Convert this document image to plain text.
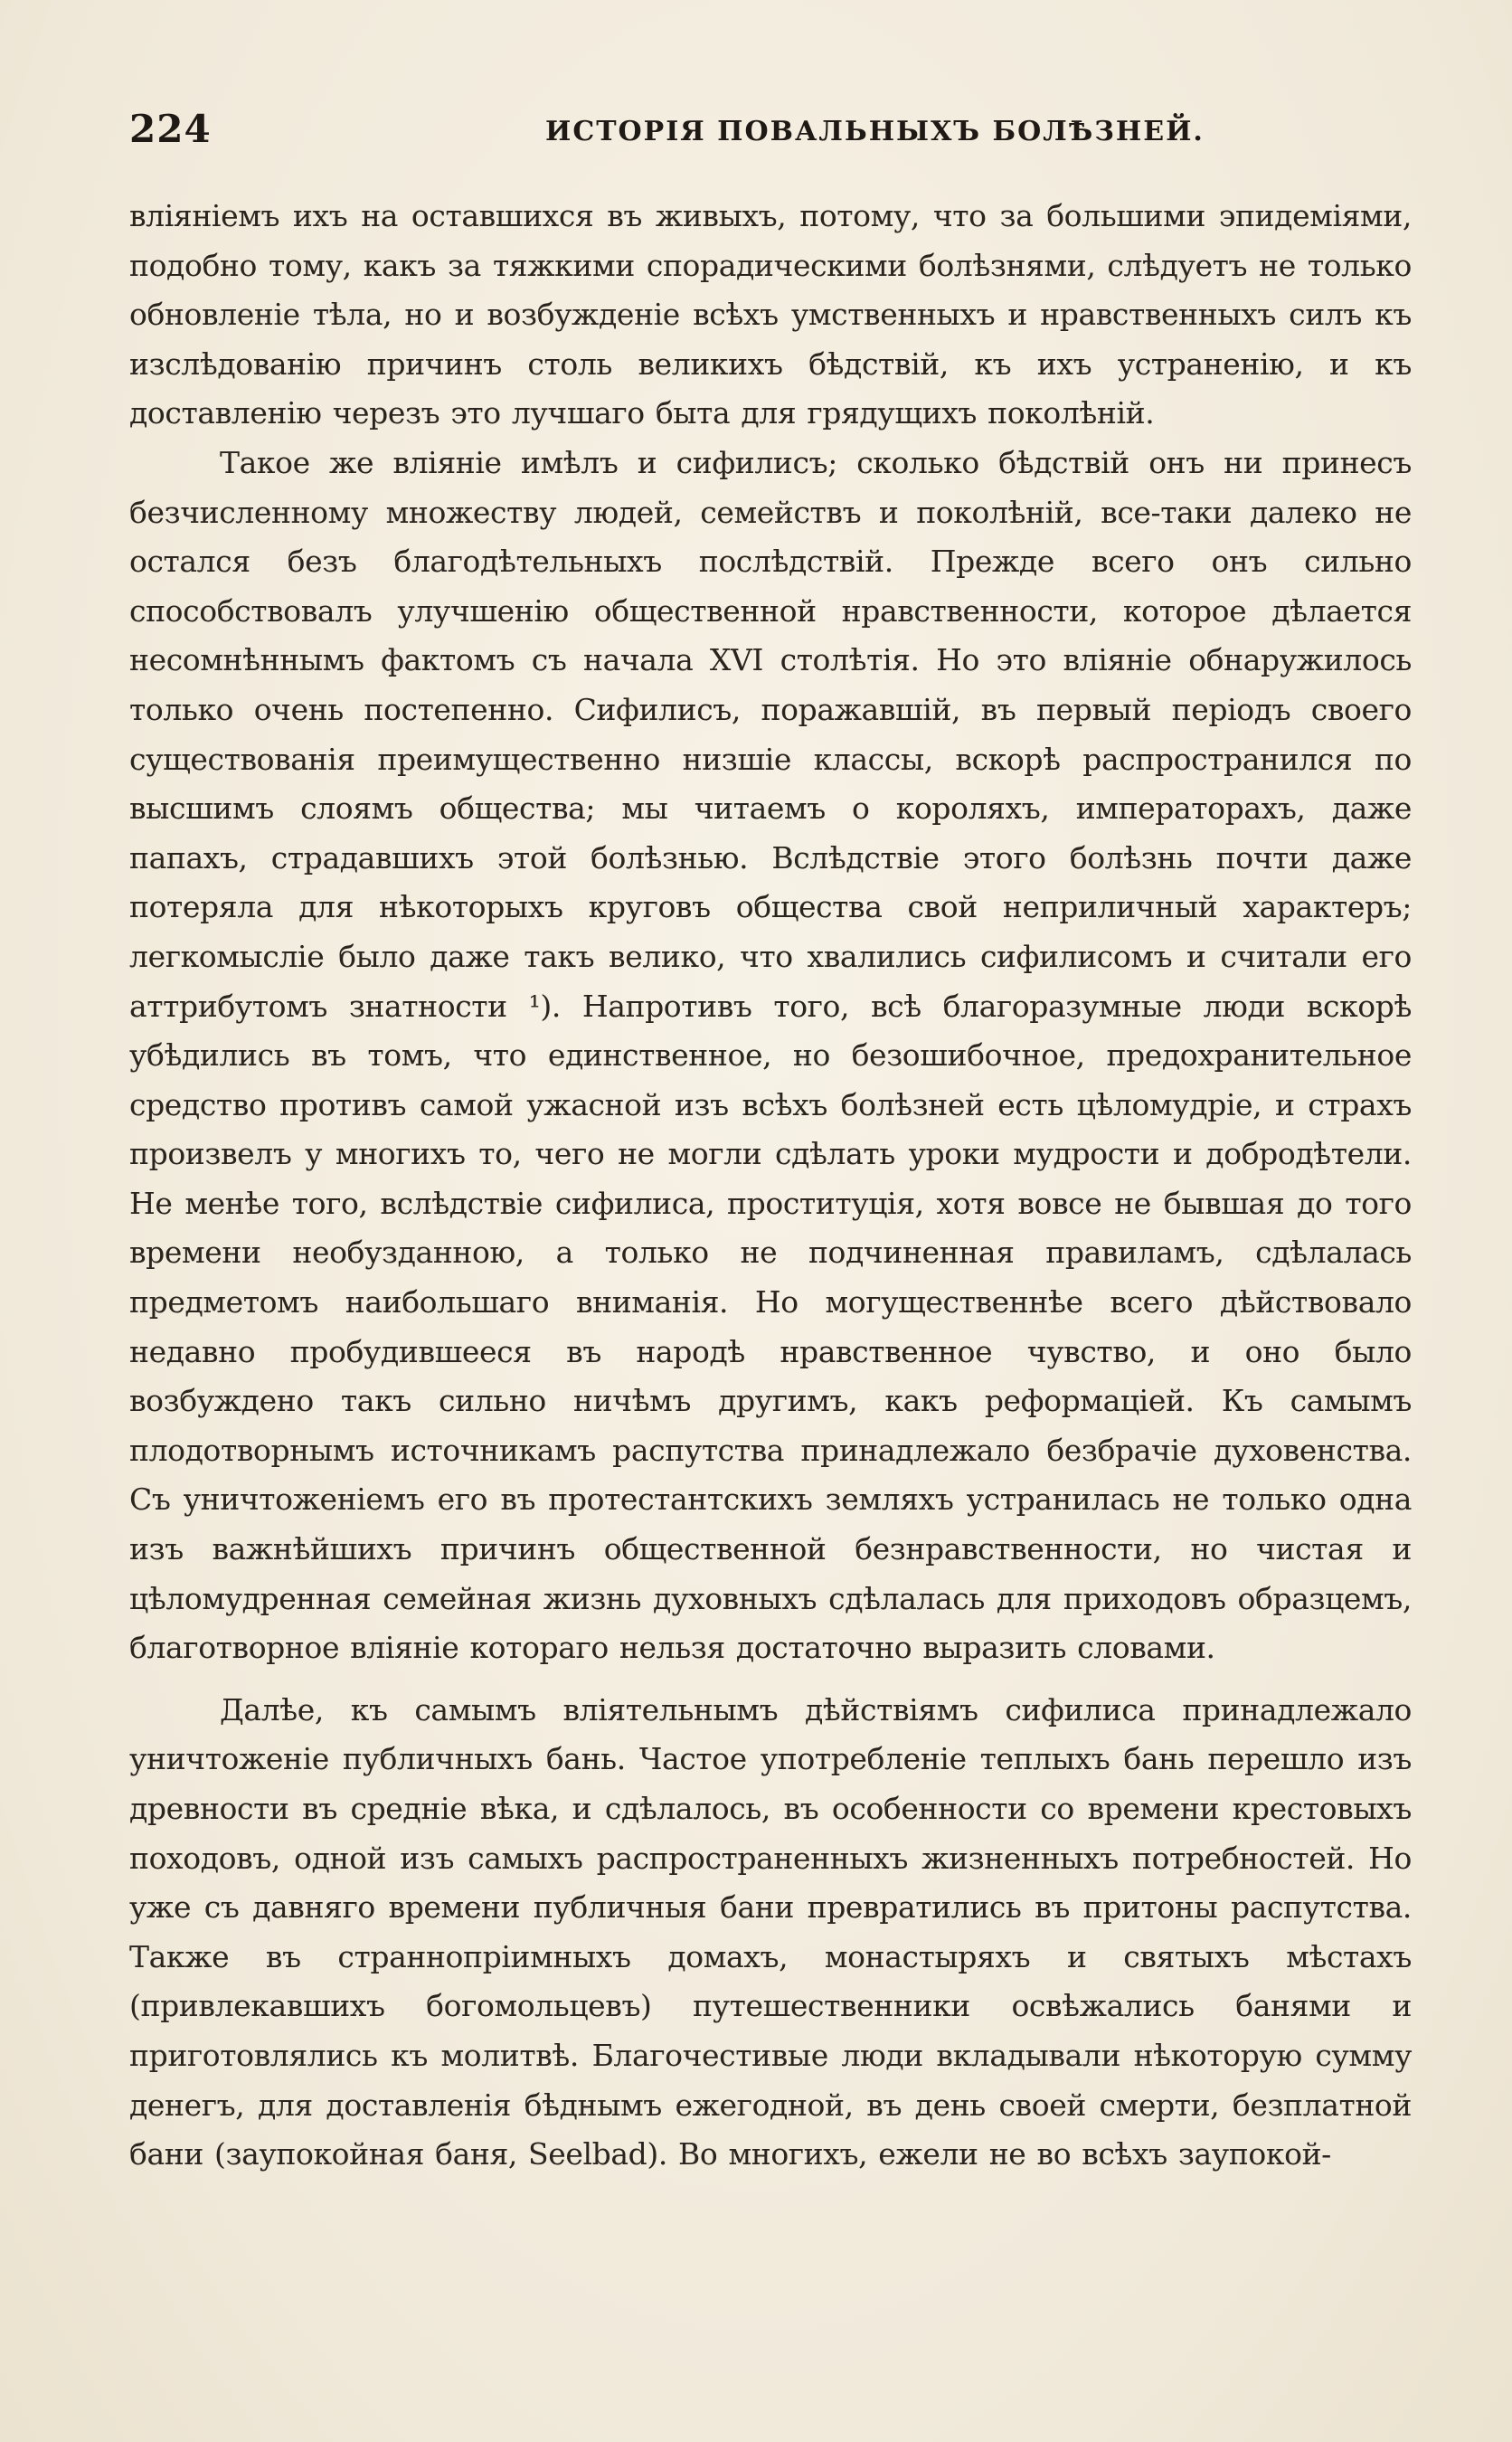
224	ИСТОРІЯ ПОВАЛЬНЫХЪ БОЛѢЗНЕЙ.

вліяніемъ ихъ на оставшихся въ живыхъ, потому, что за большими эпидеміями, подобно тому, какъ за тяжкими спорадическими болѣзнями, слѣдуетъ не только обновленіе тѣла, но и возбужденіе всѣхъ умственныхъ и нравственныхъ силъ къ изслѣдованію причинъ столь великихъ бѣдствій, къ ихъ устраненію, и къ доставленію черезъ это лучшаго быта для грядущихъ поколѣній.

Такое же вліяніе имѣлъ и сифилисъ; сколько бѣдствій онъ ни принесъ безчисленному множеству людей, семействъ и поколѣній, все-таки далеко не остался безъ благодѣтельныхъ послѣдствій. Прежде всего онъ сильно способствовалъ улучшенію общественной нравственности, которое дѣлается несомнѣннымъ фактомъ съ начала XVI столѣтія. Но это вліяніе обнаружилось только очень постепенно. Сифилисъ, поражавшій, въ первый періодъ своего существованія преимущественно низшіе классы, вскорѣ распространился по высшимъ слоямъ общества; мы читаемъ о короляхъ, императорахъ, даже папахъ, страдавшихъ этой болѣзнью. Вслѣдствіе этого болѣзнь почти даже потеряла для нѣкоторыхъ круговъ общества свой неприличный характеръ; легкомысліе было даже такъ велико, что хвалились сифилисомъ и считали его аттрибутомъ знатности ¹). Напротивъ того, всѣ благоразумные люди вскорѣ убѣдились въ томъ, что единственное, но безошибочное, предохранительное средство противъ самой ужасной изъ всѣхъ болѣзней есть цѣломудріе, и страхъ произвелъ у многихъ то, чего не могли сдѣлать уроки мудрости и добродѣтели. Не менѣе того, вслѣдствіе сифилиса, проституція, хотя вовсе не бывшая до того времени необузданною, а только не подчиненная правиламъ, сдѣлалась предметомъ наибольшаго вниманія. Но могущественнѣе всего дѣйствовало недавно пробудившееся въ народѣ нравственное чувство, и оно было возбуждено такъ сильно ничѣмъ другимъ, какъ реформаціей. Къ самымъ плодотворнымъ источникамъ распутства принадлежало безбрачіе духовенства. Съ уничтоженіемъ его въ протестантскихъ земляхъ устранилась не только одна изъ важнѣйшихъ причинъ общественной безнравственности, но чистая и цѣломудренная семейная жизнь духовныхъ сдѣлалась для приходовъ образцемъ, благотворное вліяніе котораго нельзя достаточно выразить словами.

Далѣе, къ самымъ вліятельнымъ дѣйствіямъ сифилиса принадлежало уничтоженіе публичныхъ бань. Частое употребленіе теплыхъ бань перешло изъ древности въ средніе вѣка, и сдѣлалось, въ особенности со времени крестовыхъ походовъ, одной изъ самыхъ распространенныхъ жизненныхъ потребностей. Но уже съ давняго времени публичныя бани превратились въ притоны распутства. Также въ страннопріимныхъ домахъ, монастыряхъ и святыхъ мѣстахъ (привлекавшихъ богомольцевъ) путешественники освѣжались банями и приготовлялись къ молитвѣ. Благочестивые люди вкладывали нѣкоторую сумму денегъ, для доставленія бѣднымъ ежегодной, въ день своей смерти, безплатной бани (заупокойная баня, Seelbad). Во многихъ, ежели не во всѣхъ заупокой-
